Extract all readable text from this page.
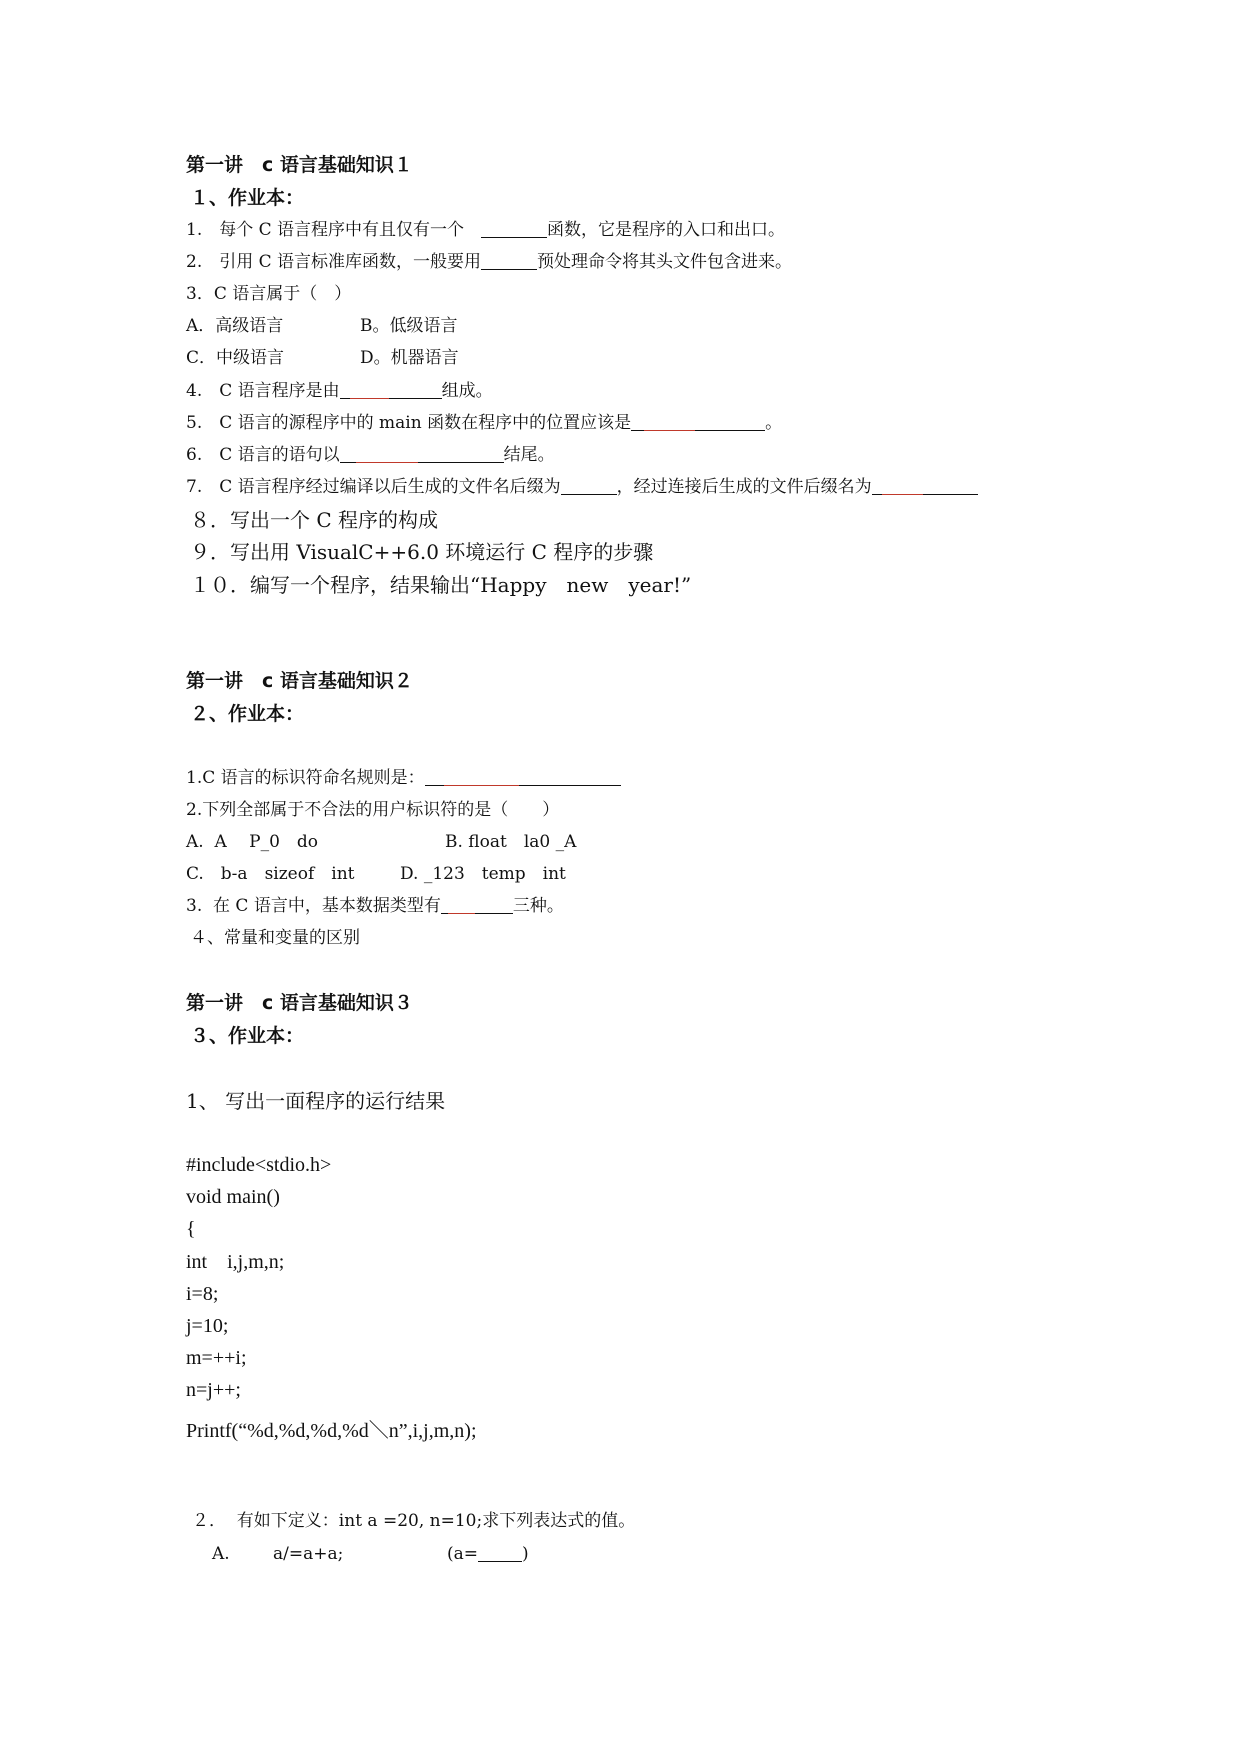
第一讲　c 语言基础知识１
１、作业本：
1.　每个 C 语言程序中有且仅有一个　	函数，它是程序的入口和出口。
2.　引用 C 语言标准库函数，一般要用	预处理命令将其头文件包含进来。
3．C 语言属于（　）
A．高级语言	B。低级语言
C．中级语言	D。机器语言
4.　C 语言程序是由	组成。
5.　C 语言的源程序中的 main 函数在程序中的位置应该是	。
6.　C 语言的语句以	结尾。
7.　C 语言程序经过编译以后生成的文件名后缀为	，经过连接后生成的文件后缀名为
８．写出一个 C 程序的构成
９．写出用 VisualC++6.0 环境运行 C 程序的步骤
１０．编写一个程序，结果输出“Happy　new　year!”
第一讲　c 语言基础知识２
２、作业本：
1.C 语言的标识符命名规则是：
2.下列全部属于不合法的用户标识符的是（　　）
A.  A　 P_0　do	B. float　la0 _A
C.　b-a　sizeof　int	D. _123　temp　int
3.  在 C 语言中，基本数据类型有	三种。
４、常量和变量的区别
第一讲　c 语言基础知识３
３、作业本：
1、 写出一面程序的运行结果
#include<stdio.h>
void main()
{
int　i,j,m,n;
i=8;
j=10;
m=++i;
n=j++;
Printf(“%d,%d,%d,%d＼n”,i,j,m,n);
２．  有如下定义：int a =20, n=10;求下列表达式的值。
A.	a/=a+a;	(a=	)
